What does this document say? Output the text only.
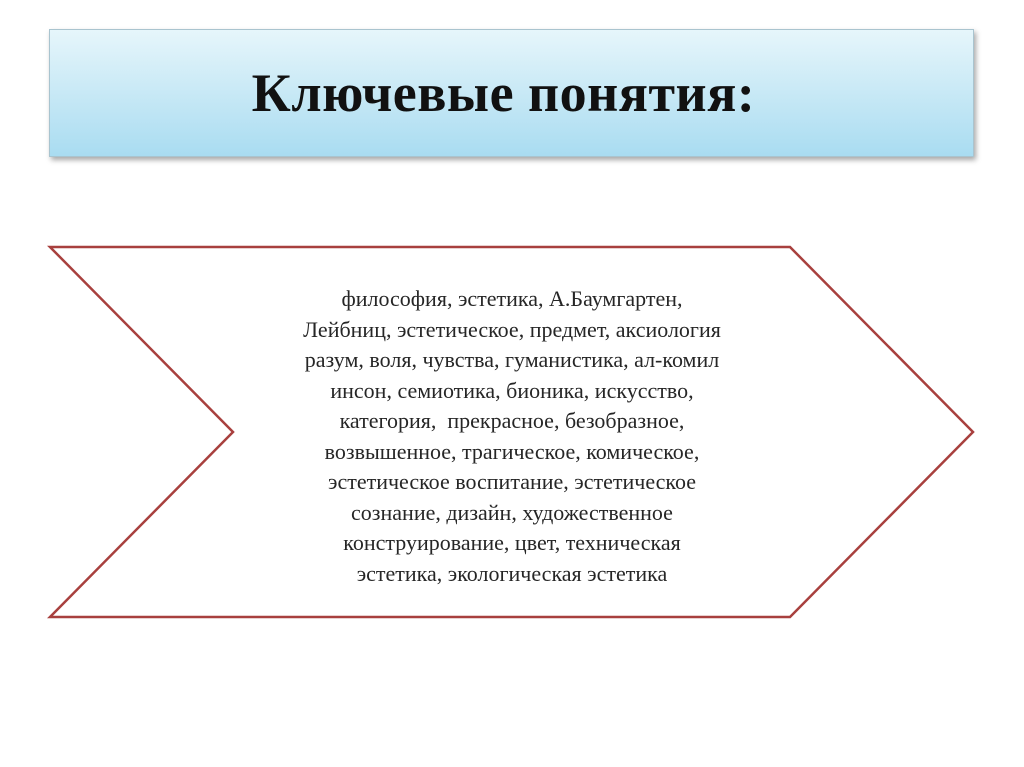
Ключевые понятия:
философия, эстетика, А.Баумгартен,
Лейбниц, эстетическое, предмет, аксиология
разум, воля, чувства, гуманистика, ал-комил
инсон, семиотика, бионика, искусство,
категория,  прекрасное, безобразное,
возвышенное, трагическое, комическое,
эстетическое воспитание, эстетическое
сознание, дизайн, художественное
конструирование, цвет, техническая
эстетика, экологическая эстетика
